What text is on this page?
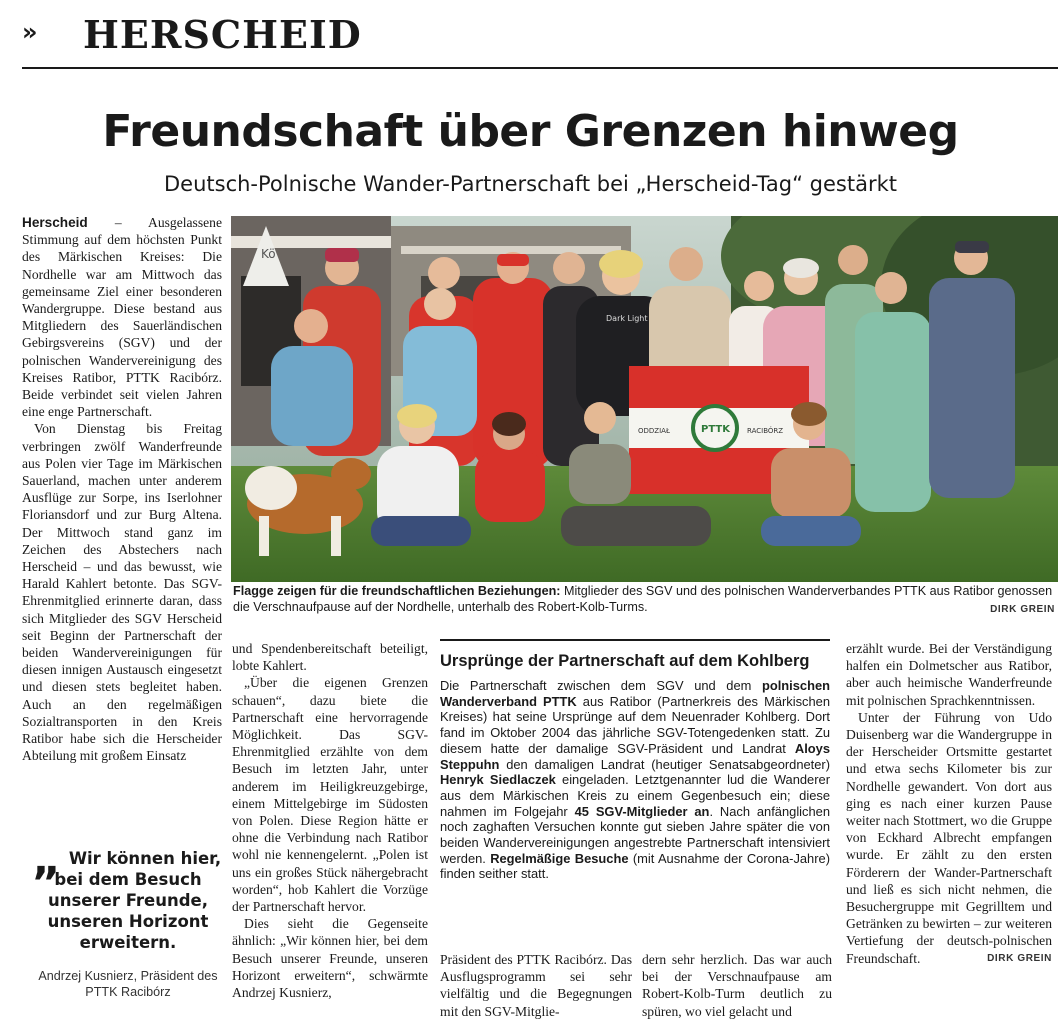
» HERSCHEID
Freundschaft über Grenzen hinweg
Deutsch-Polnische Wander-Partnerschaft bei „Herscheid-Tag“ gestärkt

Herscheid – Ausgelassene Stimmung auf dem höchsten Punkt des Märkischen Kreises: Die Nordhelle war am Mittwoch das gemeinsame Ziel einer besonderen Wandergruppe. Diese bestand aus Mitgliedern des Sauerländischen Gebirgsvereins (SGV) und der polnischen Wandervereinigung des Kreises Ratibor, PTTK Racibórz. Beide verbindet seit vielen Jahren eine enge Partnerschaft.

Von Dienstag bis Freitag verbringen zwölf Wanderfreunde aus Polen vier Tage im Märkischen Sauerland, machen unter anderem Ausflüge zur Sorpe, ins Iserlohner Floriansdorf und zur Burg Altena. Der Mittwoch stand ganz im Zeichen des Abstechers nach Herscheid – und das bewusst, wie Harald Kahlert betonte. Das SGV-Ehrenmitglied erinnerte daran, dass sich Mitglieder des SGV Herscheid seit Beginn der Partnerschaft der beiden Wandervereinigungen für diesen innigen Austausch eingesetzt und diesen stets begleitet haben. Auch an den regelmäßigen Sozialtransporten in den Kreis Ratibor habe sich die Herscheider Abteilung mit großem Einsatz

„ Wir können hier, bei dem Besuch unserer Freunde, unseren Horizont erweitern.
Andrzej Kusnierz, Präsident des PTTK Racibórz
Kö
Dark Light
PTTK
ODDZIAŁ	RACIBÓRZ
Flagge zeigen für die freundschaftlichen Beziehungen: Mitglieder des SGV und des polnischen Wanderverbandes PTTK aus Ratibor genossen die Verschnaufpause auf der Nordhelle, unterhalb des Robert-Kolb-Turms.	DIRK GREIN

und Spendenbereitschaft beteiligt, lobte Kahlert.

„Über die eigenen Grenzen schauen“, dazu biete die Partnerschaft eine hervorragende Möglichkeit. Das SGV-Ehrenmitglied erzählte von dem Besuch im letzten Jahr, unter anderem im Heiligkreuzgebirge, einem Mittelgebirge im Südosten von Polen. Diese Region hätte er ohne die Verbindung nach Ratibor wohl nie kennengelernt. „Polen ist uns ein großes Stück nähergebracht worden“, hob Kahlert die Vorzüge der Partnerschaft hervor.

Dies sieht die Gegenseite ähnlich: „Wir können hier, bei dem Besuch unserer Freunde, unseren Horizont erweitern“, schwärmte Andrzej Kusnierz,

Ursprünge der Partnerschaft auf dem Kohlberg
Die Partnerschaft zwischen dem SGV und dem polnischen Wanderverband PTTK aus Ratibor (Partnerkreis des Märkischen Kreises) hat seine Ursprünge auf dem Neuenrader Kohlberg. Dort fand im Oktober 2004 das jährliche SGV-Totengedenken statt. Zu diesem hatte der damalige SGV-Präsident und Landrat Aloys Steppuhn den damaligen Landrat (heutiger Senatsabgeordneter) Henryk Siedlaczek eingeladen. Letztgenannter lud die Wanderer aus dem Märkischen Kreis zu einem Gegenbesuch ein; diese nahmen im Folgejahr 45 SGV-Mitglieder an. Nach anfänglichen noch zaghaften Versuchen konnte gut sieben Jahre später die von beiden Wandervereinigungen angestrebte Partnerschaft intensiviert werden. Regelmäßige Besuche (mit Ausnahme der Corona-Jahre) finden seither statt.

Präsident des PTTK Racibórz. Das Ausflugsprogramm sei sehr vielfältig und die Begegnungen mit den SGV-Mitglie-

dern sehr herzlich. Das war auch bei der Verschnaufpause am Robert-Kolb-Turm deutlich zu spüren, wo viel gelacht und

erzählt wurde. Bei der Verständigung halfen ein Dolmetscher aus Ratibor, aber auch heimische Wanderfreunde mit polnischen Sprachkenntnissen.

Unter der Führung von Udo Duisenberg war die Wandergruppe in der Herscheider Ortsmitte gestartet und etwa sechs Kilometer bis zur Nordhelle gewandert. Von dort aus ging es nach einer kurzen Pause weiter nach Stottmert, wo die Gruppe von Eckhard Albrecht empfangen wurde. Er zählt zu den ersten Förderern der Wander-Partnerschaft und ließ es sich nicht nehmen, die Besuchergruppe mit Gegrilltem und Getränken zu bewirten – zur weiteren Vertiefung der deutsch-polnischen Freundschaft.	DIRK GREIN
